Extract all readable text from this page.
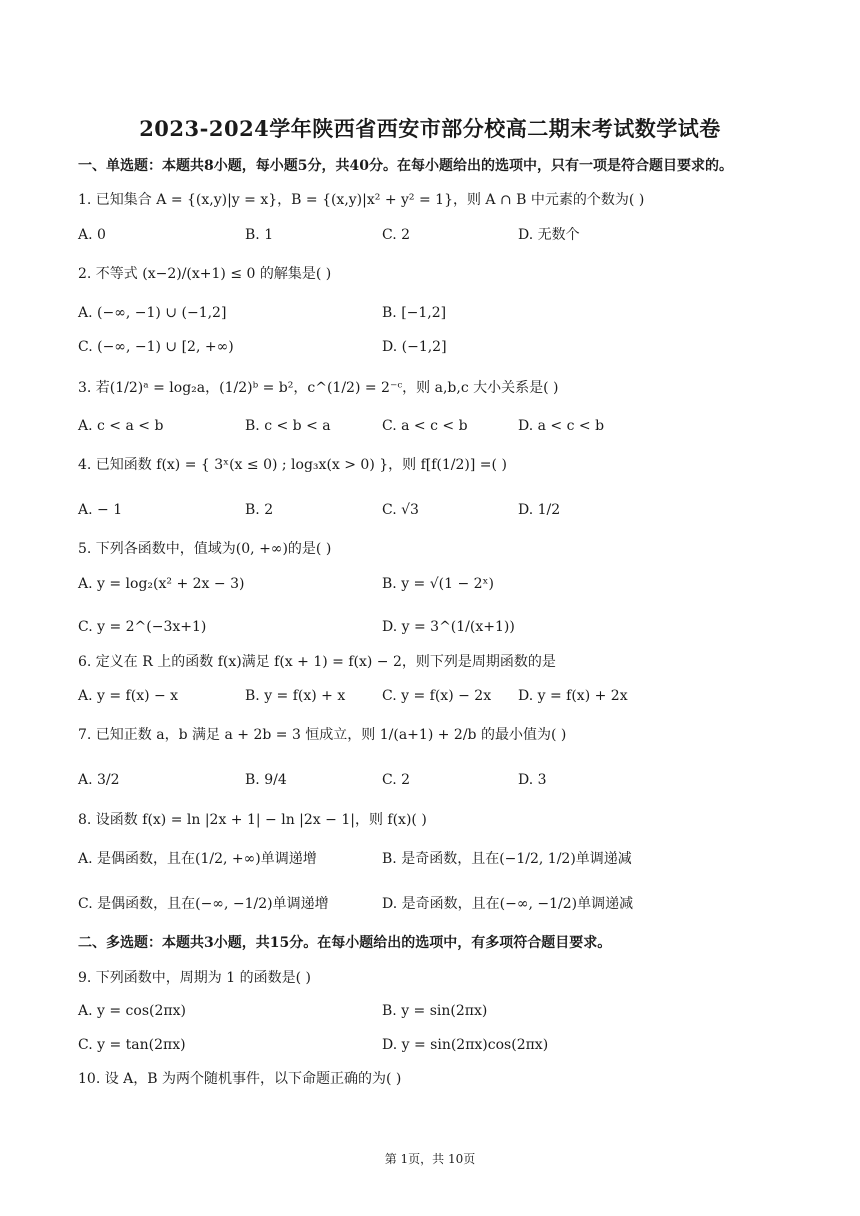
2023-2024学年陕西省西安市部分校高二期末考试数学试卷
一、单选题：本题共8小题，每小题5分，共40分。在每小题给出的选项中，只有一项是符合题目要求的。
1. 已知集合 A = {(x,y)|y = x}，B = {(x,y)|x² + y² = 1}，则 A ∩ B 中元素的个数为( )
A. 0	B. 1	C. 2	D. 无数个
2. 不等式 (x−2)/(x+1) ≤ 0 的解集是( )
A. (−∞, −1) ∪ (−1,2]	B. [−1,2]
C. (−∞, −1) ∪ [2, +∞)	D. (−1,2]
3. 若(1/2)ᵃ = log₂a，(1/2)ᵇ = b²，c^(1/2) = 2⁻ᶜ，则 a,b,c 大小关系是( )
A. c < a < b	B. c < b < a	C. a < c < b	D. a < c < b
4. 已知函数 f(x) = { 3ˣ(x ≤ 0) ; log₃x(x > 0) }，则 f[f(1/2)] =( )
A. − 1	B. 2	C. √3	D. 1/2
5. 下列各函数中，值域为(0, +∞)的是( )
A. y = log₂(x² + 2x − 3)	B. y = √(1 − 2ˣ)
C. y = 2^(−3x+1)	D. y = 3^(1/(x+1))
6. 定义在 R 上的函数 f(x)满足 f(x + 1) = f(x) − 2，则下列是周期函数的是
A. y = f(x) − x	B. y = f(x) + x	C. y = f(x) − 2x D. y = f(x) + 2x
7. 已知正数 a，b 满足 a + 2b = 3 恒成立，则 1/(a+1) + 2/b 的最小值为( )
A. 3/2	B. 9/4	C. 2	D. 3
8. 设函数 f(x) = ln |2x + 1| − ln |2x − 1|，则 f(x)( )
A. 是偶函数，且在(1/2, +∞)单调递增	B. 是奇函数，且在(−1/2, 1/2)单调递减
C. 是偶函数，且在(−∞, −1/2)单调递增	D. 是奇函数，且在(−∞, −1/2)单调递减
二、多选题：本题共3小题，共15分。在每小题给出的选项中，有多项符合题目要求。
9. 下列函数中，周期为 1 的函数是( )
A. y = cos(2πx)	B. y = sin(2πx)
C. y = tan(2πx)	D. y = sin(2πx)cos(2πx)
10. 设 A，B 为两个随机事件，以下命题正确的为( )
第 1页，共 10页
